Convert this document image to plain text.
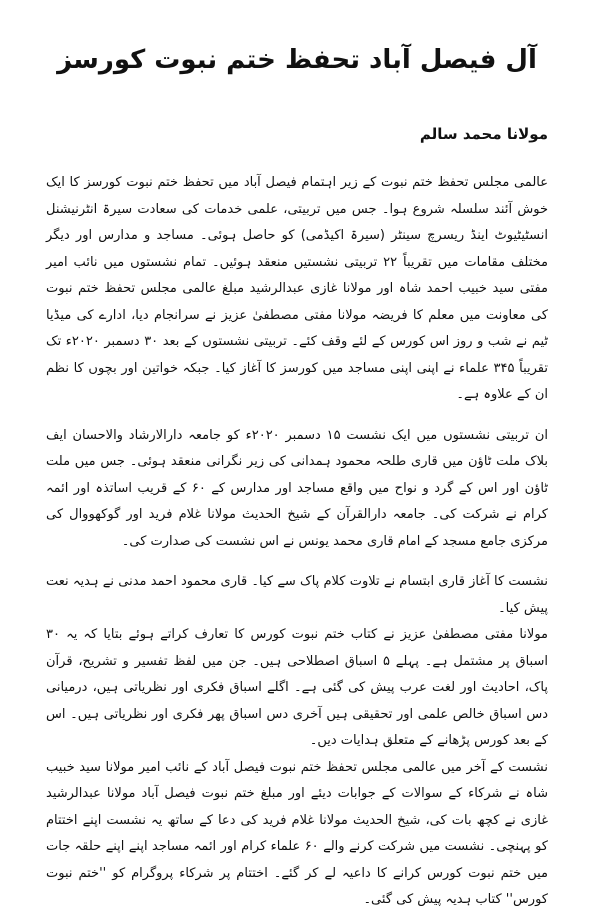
آل فیصل آباد تحفظ ختم نبوت کورسز
مولانا محمد سالم

عالمی مجلس تحفظ ختم نبوت کے زیر اہتمام فیصل آباد میں تحفظ ختم نبوت کورسز کا ایک خوش آئند سلسلہ شروع ہوا۔ جس میں تربیتی، علمی خدمات کی سعادت سیرۃ انٹرنیشنل انسٹیٹیوٹ اینڈ ریسرچ سینٹر (سیرۃ اکیڈمی) کو حاصل ہوئی۔ مساجد و مدارس اور دیگر مختلف مقامات میں تقریباً ۲۲ تربیتی نشستیں منعقد ہوئیں۔ تمام نشستوں میں نائب امیر مفتی سید خبیب احمد شاہ اور مولانا غازی عبدالرشید مبلغ عالمی مجلس تحفظ ختم نبوت کی معاونت میں معلم کا فریضہ مولانا مفتی مصطفیٰ عزیز نے سرانجام دیا، ادارے کی میڈیا ٹیم نے شب و روز اس کورس کے لئے وقف کئے۔ تربیتی نشستوں کے بعد ۳۰ دسمبر ۲۰۲۰ء تک تقریباً ۳۴۵ علماء نے اپنی اپنی مساجد میں کورسز کا آغاز کیا۔ جبکہ خواتین اور بچوں کا نظم ان کے علاوہ ہے۔

ان تربیتی نشستوں میں ایک نشست ۱۵ دسمبر ۲۰۲۰ء کو جامعہ دارالارشاد والاحسان ایف بلاک ملت ٹاؤن میں قاری طلحہ محمود ہمدانی کی زیر نگرانی منعقد ہوئی۔ جس میں ملت ٹاؤن اور اس کے گرد و نواح میں واقع مساجد اور مدارس کے ۶۰ کے قریب اساتذہ اور ائمہ کرام نے شرکت کی۔ جامعہ دارالقرآن کے شیخ الحدیث مولانا غلام فرید اور گوکھووال کی مرکزی جامع مسجد کے امام قاری محمد یونس نے اس نشست کی صدارت کی۔

نشست کا آغاز قاری ابتسام نے تلاوت کلام پاک سے کیا۔ قاری محمود احمد مدنی نے ہدیہ نعت پیش کیا۔

مولانا مفتی مصطفیٰ عزیز نے کتاب ختم نبوت کورس کا تعارف کراتے ہوئے بتایا کہ یہ ۳۰ اسباق پر مشتمل ہے۔ پہلے ۵ اسباق اصطلاحی ہیں۔ جن میں لفظ تفسیر و تشریح، قرآن پاک، احادیث اور لغت عرب پیش کی گئی ہے۔ اگلے اسباق فکری اور نظریاتی ہیں، درمیانی دس اسباق خالص علمی اور تحقیقی ہیں آخری دس اسباق پھر فکری اور نظریاتی ہیں۔ اس کے بعد کورس پڑھانے کے متعلق ہدایات دیں۔

نشست کے آخر میں عالمی مجلس تحفظ ختم نبوت فیصل آباد کے نائب امیر مولانا سید خبیب شاہ نے شرکاء کے سوالات کے جوابات دیئے اور مبلغ ختم نبوت فیصل آباد مولانا عبدالرشید غازی نے کچھ بات کی، شیخ الحدیث مولانا غلام فرید کی دعا کے ساتھ یہ نشست اپنے اختتام کو پہنچی۔ نشست میں شرکت کرنے والے ۶۰ علماء کرام اور ائمہ مساجد اپنے اپنے حلقہ جات میں ختم نبوت کورس کرانے کا داعیہ لے کر گئے۔ اختتام پر شرکاء پروگرام کو ''ختم نبوت کورس'' کتاب ہدیہ پیش کی گئی۔
